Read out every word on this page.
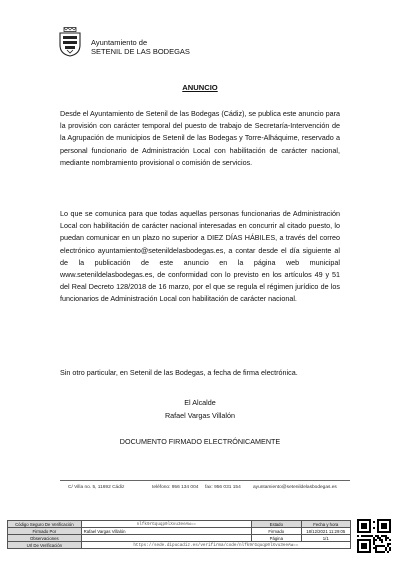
Ayuntamiento de
SETENIL DE LAS BODEGAS
ANUNCIO

Desde el Ayuntamiento de Setenil de las Bodegas (Cádiz), se publica este anuncio para la provisión con carácter temporal del puesto de trabajo de Secretaría-Intervención de la Agrupación de municipios de Setenil de las Bodegas y Torre-Alháquime, reservado a personal funcionario de Administración Local con habilitación de carácter nacional, mediante nombramiento provisional o comisión de servicios.

Lo que se comunica para que todas aquellas personas funcionarias de Administración Local con habilitación de carácter nacional interesadas en concurrir al citado puesto, lo puedan comunicar en un plazo no superior a DIEZ DÍAS HÁBILES, a través del correo electrónico ayuntamiento@setenildelasbodegas.es, a contar desde el día siguiente al de la publicación de este anuncio en la página web municipal www.setenildelasbodegas.es, de conformidad con lo previsto en los artículos 49 y 51 del Real Decreto 128/2018 de 16 marzo, por el que se regula el régimen jurídico de los funcionarios de Administración Local con habilitación de carácter nacional.

Sin otro particular, en Setenil de las Bodegas, a fecha de firma electrónica.

El Alcalde
Rafael Vargas Villalón
DOCUMENTO FIRMADO ELECTRÓNICAMENTE
C/ Villa no. 5, 11692 Cádiz	teléfono: 956 134 004 fax: 956 031 154	ayuntamiento@setenildelasbodegas.es
Código Seguro De Verificación	nlfk9rGquqp0lXvu3eeAw==	Estado	Fecha y hora
Firmado Por	Rafael Vargas Villalón	Firmado	18/12/2021 11:29:05
Observaciones		Página	1/1
Url De Verificación	https://sede.dipucadiz.es/verifirma/code/nlfk9rGquqp0lXvu3eeAw==		
